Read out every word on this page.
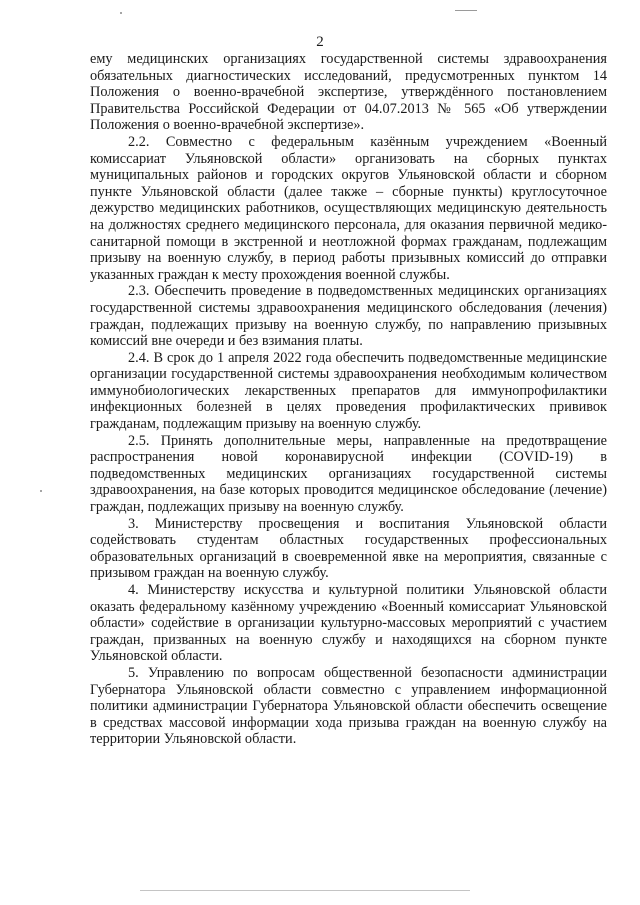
2

ему медицинских организациях государственной системы здравоохранения обязательных диагностических исследований, предусмотренных пунктом 14 Положения о военно-врачебной экспертизе, утверждённого постановлением Правительства Российской Федерации от 04.07.2013 № 565 «Об утверждении Положения о военно-врачебной экспертизе».

2.2. Совместно с федеральным казённым учреждением «Военный комиссариат Ульяновской области» организовать на сборных пунктах муниципальных районов и городских округов Ульяновской области и сборном пункте Ульяновской области (далее также – сборные пункты) круглосуточное дежурство медицинских работников, осуществляющих медицинскую деятельность на должностях среднего медицинского персонала, для оказания первичной медико-санитарной помощи в экстренной и неотложной формах гражданам, подлежащим призыву на военную службу, в период работы призывных комиссий до отправки указанных граждан к месту прохождения военной службы.

2.3. Обеспечить проведение в подведомственных медицинских организациях государственной системы здравоохранения медицинского обследования (лечения) граждан, подлежащих призыву на военную службу, по направлению призывных комиссий вне очереди и без взимания платы.

2.4. В срок до 1 апреля 2022 года обеспечить подведомственные медицинские организации государственной системы здравоохранения необходимым количеством иммунобиологических лекарственных препаратов для иммунопрофилактики инфекционных болезней в целях проведения профилактических прививок гражданам, подлежащим призыву на военную службу.

2.5. Принять дополнительные меры, направленные на предотвращение распространения новой коронавирусной инфекции (COVID-19) в подведомственных медицинских организациях государственной системы здравоохранения, на базе которых проводится медицинское обследование (лечение) граждан, подлежащих призыву на военную службу.

3. Министерству просвещения и воспитания Ульяновской области содействовать студентам областных государственных профессиональных образовательных организаций в своевременной явке на мероприятия, связанные с призывом граждан на военную службу.

4. Министерству искусства и культурной политики Ульяновской области оказать федеральному казённому учреждению «Военный комиссариат Ульяновской области» содействие в организации культурно-массовых мероприятий с участием граждан, призванных на военную службу и находящихся на сборном пункте Ульяновской области.

5. Управлению по вопросам общественной безопасности администрации Губернатора Ульяновской области совместно с управлением информационной политики администрации Губернатора Ульяновской области обеспечить освещение в средствах массовой информации хода призыва граждан на военную службу на территории Ульяновской области.
